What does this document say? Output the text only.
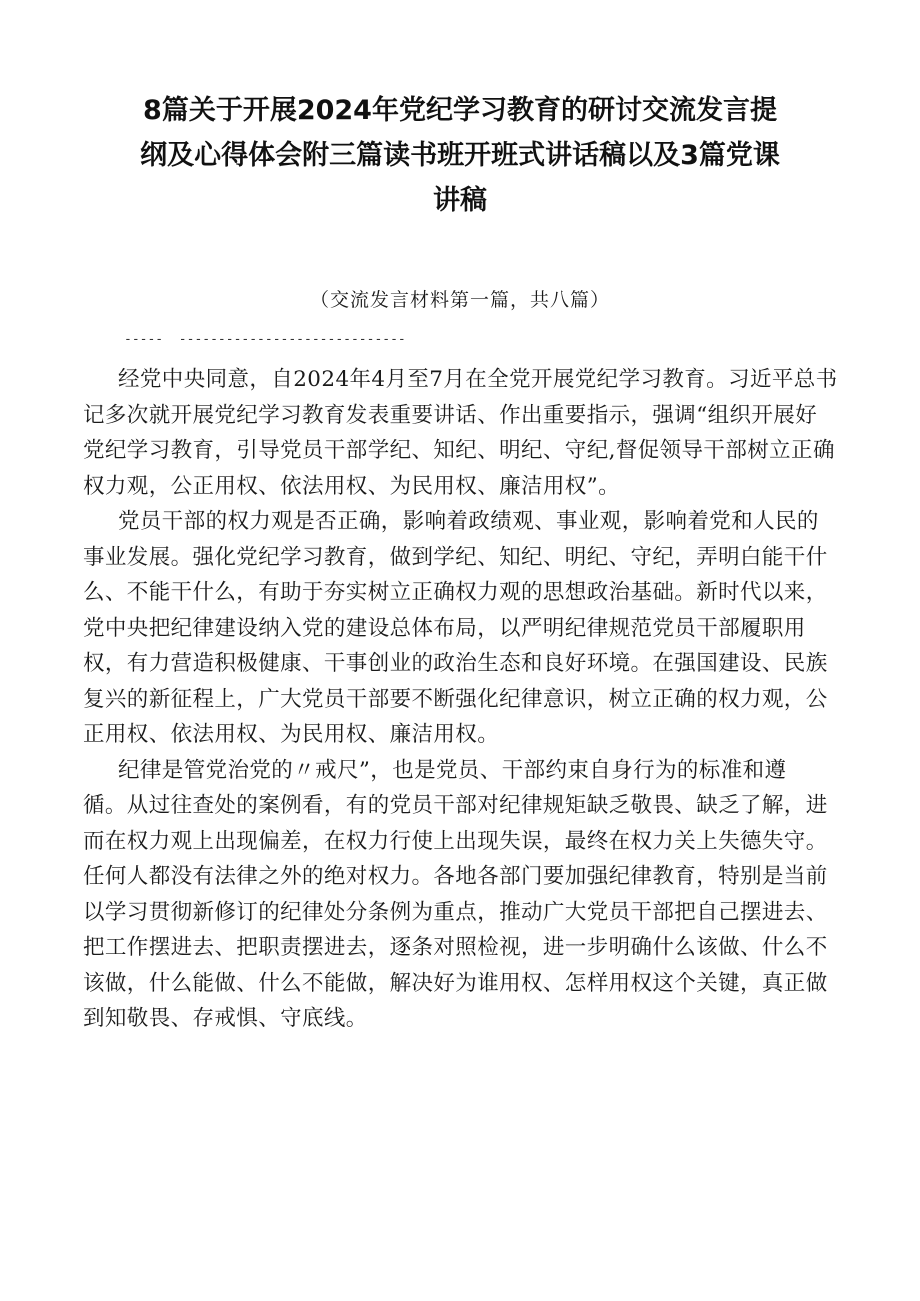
8篇关于开展2024年党纪学习教育的研讨交流发言提
纲及心得体会附三篇读书班开班式讲话稿以及3篇党课
讲稿
（交流发言材料第一篇，共八篇）
-----  -----------------------------
经党中央同意，自2024年4月至7月在全党开展党纪学习教育。习近平总书
记多次就开展党纪学习教育发表重要讲话、作出重要指示，强调“组织开展好
党纪学习教育，引导党员干部学纪、知纪、明纪、守纪,督促领导干部树立正确
权力观，公正用权、依法用权、为民用权、廉洁用权”。
党员干部的权力观是否正确，影响着政绩观、事业观，影响着党和人民的
事业发展。强化党纪学习教育，做到学纪、知纪、明纪、守纪，弄明白能干什
么、不能干什么，有助于夯实树立正确权力观的思想政治基础。新时代以来，
党中央把纪律建设纳入党的建设总体布局，以严明纪律规范党员干部履职用
权，有力营造积极健康、干事创业的政治生态和良好环境。在强国建设、民族
复兴的新征程上，广大党员干部要不断强化纪律意识，树立正确的权力观，公
正用权、依法用权、为民用权、廉洁用权。
纪律是管党治党的〃戒尺”，也是党员、干部约束自身行为的标准和遵
循。从过往查处的案例看，有的党员干部对纪律规矩缺乏敬畏、缺乏了解，进
而在权力观上出现偏差，在权力行使上出现失误，最终在权力关上失德失守。
任何人都没有法律之外的绝对权力。各地各部门要加强纪律教育，特别是当前
以学习贯彻新修订的纪律处分条例为重点，推动广大党员干部把自己摆进去、
把工作摆进去、把职责摆进去，逐条对照检视，进一步明确什么该做、什么不
该做，什么能做、什么不能做，解决好为谁用权、怎样用权这个关键，真正做
到知敬畏、存戒惧、守底线。
